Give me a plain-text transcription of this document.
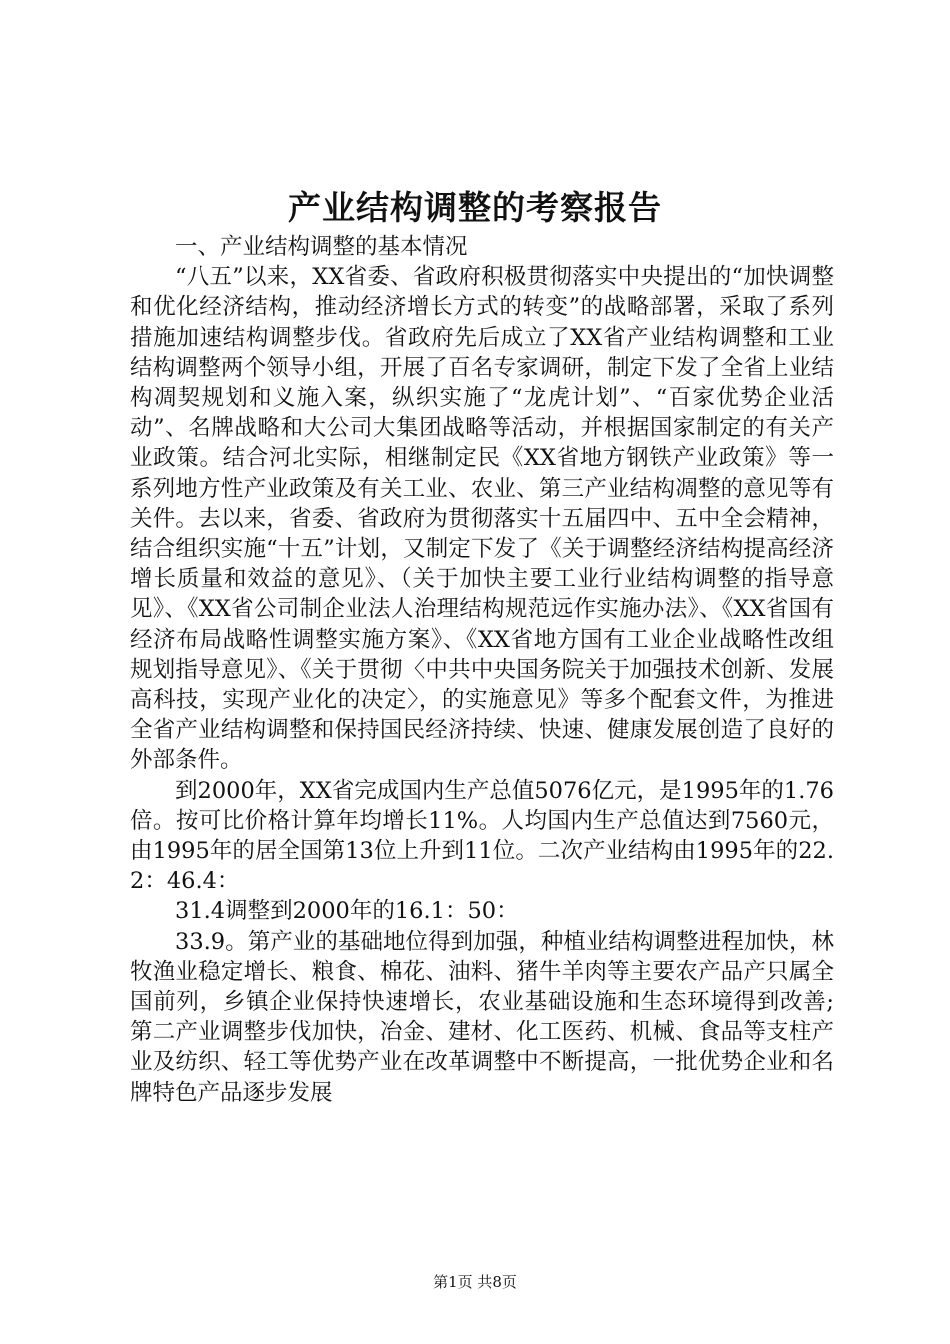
产业结构调整的考察报告

一、产业结构调整的基本情况

“八五”以来，XX省委、省政府积极贯彻落实中央提出的“加快调整和优化经济结构，推动经济增长方式的转变”的战略部署，采取了系列措施加速结构调整步伐。省政府先后成立了XX省产业结构调整和工业结构调整两个领导小组，开展了百名专家调研，制定下发了全省上业结构凋契规划和义施入案，纵织实施了“龙虎计划”、“百家优势企业活动”、名牌战略和大公司大集团战略等活动，并根据国家制定的有关产业政策。结合河北实际，相继制定民《XX省地方钢铁产业政策》等一系列地方性产业政策及有关工业、农业、第三产业结构凋整的意见等有关件。去以来，省委、省政府为贯彻落实十五届四中、五中全会精神，结合组织实施“十五”计划，又制定下发了《关于调整经济结构提高经济增长质量和效益的意见》、（关于加快主要工业行业结构调整的指导意见》、《XX省公司制企业法人治理结构规范远作实施办法》、《XX省国有经济布局战略性调整实施方案》、《XX省地方国有工业企业战略性改组规划指导意见》、《关于贯彻〈中共中央国务院关于加强技术创新、发展高科技，实现产业化的决定〉，的实施意见》等多个配套文件，为推进全省产业结构调整和保持国民经济持续、快速、健康发展创造了良好的外部条件。

到2000年，XX省完成国内生产总值5076亿元，是1995年的1.76倍。按可比价格计算年均增长11%。人均国内生产总值达到7560元，由1995年的居全国第13位上升到11位。二次产业结构由1995年的22.2：46.4：

31.4调整到2000年的16.1：50：

33.9。第产业的基础地位得到加强，种植业结构调整进程加快，林牧渔业稳定增长、粮食、棉花、油料、猪牛羊肉等主要农产品产只属全国前列，乡镇企业保持快速增长，农业基础设施和生态环境得到改善;第二产业调整步伐加快，冶金、建材、化工医药、机械、食品等支柱产业及纺织、轻工等优势产业在改革调整中不断提高，一批优势企业和名牌特色产品逐步发展

第1页 共8页
